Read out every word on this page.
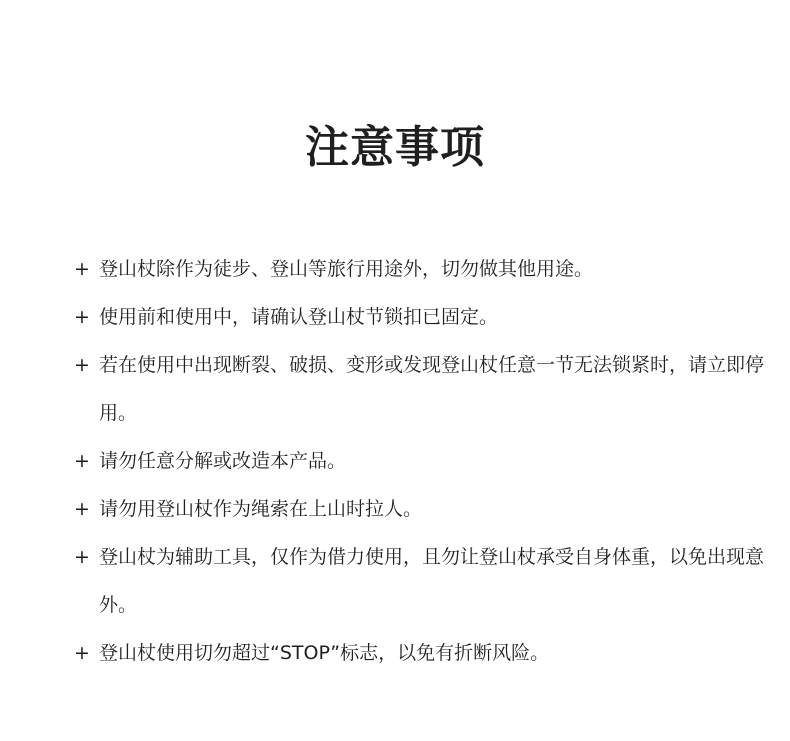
注意事项
+ 登山杖除作为徒步、登山等旅行用途外，切勿做其他用途。
+ 使用前和使用中，请确认登山杖节锁扣已固定。
+ 若在使用中出现断裂、破损、变形或发现登山杖任意一节无法锁紧时，请立即停用。
+ 请勿任意分解或改造本产品。
+ 请勿用登山杖作为绳索在上山时拉人。
+ 登山杖为辅助工具，仅作为借力使用，且勿让登山杖承受自身体重，以免出现意外。
+ 登山杖使用切勿超过“STOP”标志，以免有折断风险。
